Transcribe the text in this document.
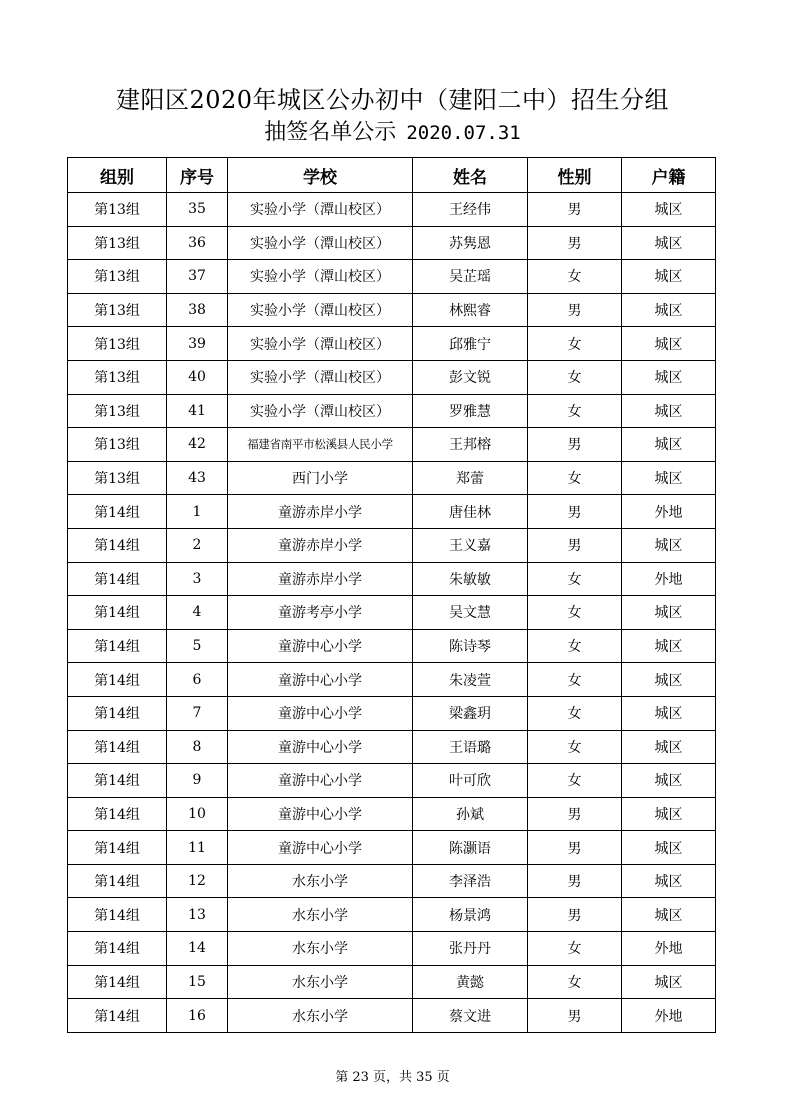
建阳区2020年城区公办初中（建阳二中）招生分组
抽签名单公示 2020.07.31
组别	序号	学校	姓名	性别	户籍
第13组	35	实验小学（潭山校区）	王经伟	男	城区
第13组	36	实验小学（潭山校区）	苏隽恩	男	城区
第13组	37	实验小学（潭山校区）	吴芷瑶	女	城区
第13组	38	实验小学（潭山校区）	林熙睿	男	城区
第13组	39	实验小学（潭山校区）	邱雅宁	女	城区
第13组	40	实验小学（潭山校区）	彭文锐	女	城区
第13组	41	实验小学（潭山校区）	罗雅慧	女	城区
第13组	42	福建省南平市松溪县人民小学	王邦榕	男	城区
第13组	43	西门小学	郑蕾	女	城区
第14组	1	童游赤岸小学	唐佳林	男	外地
第14组	2	童游赤岸小学	王义嘉	男	城区
第14组	3	童游赤岸小学	朱敏敏	女	外地
第14组	4	童游考亭小学	吴文慧	女	城区
第14组	5	童游中心小学	陈诗琴	女	城区
第14组	6	童游中心小学	朱凌萱	女	城区
第14组	7	童游中心小学	梁鑫玥	女	城区
第14组	8	童游中心小学	王语璐	女	城区
第14组	9	童游中心小学	叶可欣	女	城区
第14组	10	童游中心小学	孙斌	男	城区
第14组	11	童游中心小学	陈灏语	男	城区
第14组	12	水东小学	李泽浩	男	城区
第14组	13	水东小学	杨景鸿	男	城区
第14组	14	水东小学	张丹丹	女	外地
第14组	15	水东小学	黄懿	女	城区
第14组	16	水东小学	蔡文进	男	外地
第 23 页，共 35 页
